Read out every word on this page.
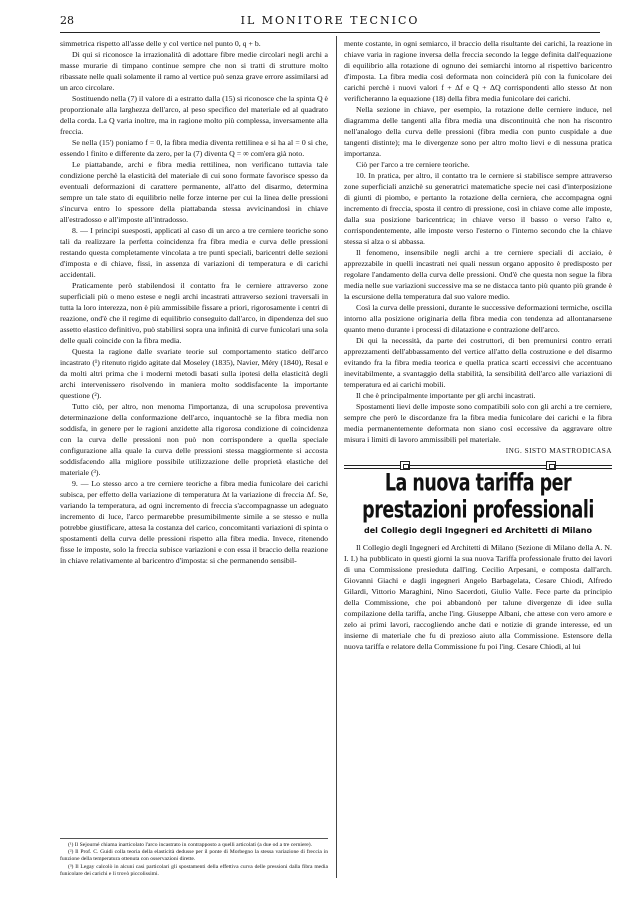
28	IL MONITORE TECNICO

simmetrica rispetto all'asse delle y col vertice nel punto 0, q + b.

Di qui si riconosce la irrazionalità di adottare fibre medie circolari negli archi a masse murarie di timpano continue sempre che non si tratti di strutture molto ribassate nelle quali solamente il ramo al vertice può senza grave errore assimilarsi ad un arco circolare.

Sostituendo nella (7) il valore di a estratto dalla (15) si riconosce che la spinta Q è proporzionale alla larghezza dell'arco, al peso specifico del materiale ed al quadrato della corda. La Q varia inoltre, ma in ragione molto più complessa, inversamente alla freccia.

Se nella (15') poniamo f = 0, la fibra media diventa rettilinea e si ha al = 0 si che, essendo l finito e differente da zero, per la (7) diventa Q = ∞ com'era già noto.

Le piattabande, archi e fibra media rettilinea, non verificano tuttavia tale condizione perchè la elasticità del materiale di cui sono formate favorisce spesso da eventuali deformazioni di carattere permanente, all'atto del disarmo, determina sempre un tale stato di equilibrio nelle forze interne per cui la linea delle pressioni s'incurva entro lo spessore della piattabanda stessa avvicinandosi in chiave all'estradosso e all'imposte all'intradosso.

8. — I principi suesposti, applicati al caso di un arco a tre cerniere teoriche sono tali da realizzare la perfetta coincidenza fra fibra media e curva delle pressioni restando questa completamente vincolata a tre punti speciali, baricentri delle sezioni d'imposta e di chiave, fissi, in assenza di variazioni di temperatura e di carichi accidentali.

Praticamente però stabilendosi il contatto fra le cerniere attraverso zone superficiali più o meno estese e negli archi incastrati attraverso sezioni traversali in tutta la loro interezza, non è più ammissibile fissare a priori, rigorosamente i centri di reazione, ond'è che il regime di equilibrio conseguito dall'arco, in dipendenza del suo assetto elastico definitivo, può stabilirsi sopra una infinità di curve funicolari una sola delle quali coincide con la fibra media.

Questa la ragione dalle svariate teorie sul comportamento statico dell'arco incastrato (¹) ritenuto rigido agitate dal Moseley (1835), Navier, Méry (1840), Resal e da molti altri prima che i moderni metodi basati sulla ipotesi della elasticità degli archi intervenissero risolvendo in maniera molto soddisfacente la importante questione (²).

Tutto ciò, per altro, non menoma l'importanza, di una scrupolosa preventiva determinazione della conformazione dell'arco, inquantochè se la fibra media non soddisfa, in genere per le ragioni anzidette alla rigorosa condizione di coincidenza con la curva delle pressioni non può non corrispondere a quella speciale configurazione alla quale la curva delle pressioni stessa maggiormente si accosta soddisfacendo alla migliore possibile utilizzazione delle proprietà elastiche del materiale (³).

9. — Lo stesso arco a tre cerniere teoriche a fibra media funicolare dei carichi subisca, per effetto della variazione di temperatura Δt la variazione di freccia Δf. Se, variando la temperatura, ad ogni incremento di freccia s'accompagnasse un adeguato incremento di luce, l'arco permarebbe presumibilmente simile a se stesso e nulla potrebbe giustificare, attesa la costanza del carico, concomitanti variazioni di spinta o spostamenti della curva delle pressioni rispetto alla fibra media. Invece, ritenendo fisse le imposte, solo la freccia subisce variazioni e con essa il braccio della reazione in chiave relativamente al baricentro d'imposta: si che permanendo sensibil-

(¹) Il Sejourné chiama inarticolato l'arco incastrato in contrapposto a quelli articolati (a due od a tre cerniere).

(²) Il Prof. C. Guidi colla teoria della elasticità dedusse per il ponte di Morbegno la stessa variazione di freccia in funzione della temperatura ottenuta con osservazioni dirette.

(³) Il Legay calcolò in alcuni casi particolari gli spostamenti della effettiva curva delle pressioni dalla fibra media funicolare dei carichi e li trovò piccolissimi.

mente costante, in ogni semiarco, il braccio della risultante dei carichi, la reazione in chiave varia in ragione inversa della freccia secondo la legge definita dall'equazione di equilibrio alla rotazione di ognuno dei semiarchi intorno al rispettivo baricentro d'imposta. La fibra media così deformata non coinciderà più con la funicolare dei carichi perchè i nuovi valori f + Δf e Q + ΔQ corrispondenti allo stesso Δt non verificheranno la equazione (18) della fibra media funicolare dei carichi.

Nella sezione in chiave, per esempio, la rotazione delle cerniere induce, nel diagramma delle tangenti alla fibra media una discontinuità che non ha riscontro nell'analogo della curva delle pressioni (fibra media con punto cuspidale a due tangenti distinte); ma le divergenze sono per altro molto lievi e di nessuna pratica importanza.

Ciò per l'arco a tre cerniere teoriche.

10. In pratica, per altro, il contatto tra le cerniere si stabilisce sempre attraverso zone superficiali anzichè su generatrici matematiche specie nei casi d'interposizione di giunti di piombo, e pertanto la rotazione della cerniera, che accompagna ogni incremento di freccia, sposta il centro di pressione, così in chiave come alle imposte, dalla sua posizione baricentrica; in chiave verso il basso o verso l'alto e, corrispondentemente, alle imposte verso l'esterno o l'interno secondo che la chiave stessa si alza o si abbassa.

Il fenomeno, insensibile negli archi a tre cerniere speciali di acciaio, è apprezzabile in quelli incastrati nei quali nessun organo apposito è predisposto per regolare l'andamento della curva delle pressioni. Ond'è che questa non segue la fibra media nelle sue variazioni successive ma se ne distacca tanto più quanto più grande è la escursione della temperatura dal suo valore medio.

Così la curva delle pressioni, durante le successive deformazioni termiche, oscilla intorno alla posizione originaria della fibra media con tendenza ad allontanarsene quanto meno durante i processi di dilatazione e contrazione dell'arco.

Di qui la necessità, da parte dei costruttori, di ben premunirsi contro errati apprezzamenti dell'abbassamento del vertice all'atto della costruzione e del disarmo evitando fra la fibra media teorica e quella pratica scarti eccessivi che accentuano inevitabilmente, a svantaggio della stabilità, la sensibilità dell'arco alle variazioni di temperatura ed ai carichi mobili.

Il che è principalmente importante per gli archi incastrati.

Spostamenti lievi delle imposte sono compatibili solo con gli archi a tre cerniere, sempre che però le discordanze fra la fibra media funicolare dei carichi e la fibra media permanentemente deformata non siano così eccessive da aggravare oltre misura i limiti di lavoro ammissibili pel materiale.

ING. SISTO MASTRODICASA
La nuova tariffa per prestazioni professionali
del Collegio degli Ingegneri ed Architetti di Milano

Il Collegio degli Ingegneri ed Architetti di Milano (Sezione di Milano della A. N. I. I.) ha pubblicato in questi giorni la sua nuova Tariffa professionale frutto dei lavori di una Commissione presieduta dall'ing. Cecilio Arpesani, e composta dall'arch. Giovanni Giachi e dagli ingegneri Angelo Barbagelata, Cesare Chiodi, Alfredo Gilardi, Vittorio Maraghini, Nino Sacerdoti, Giulio Valle. Fece parte da principio della Commissione, che poi abbandonò per talune divergenze di idee sulla compilazione della tariffa, anche l'ing. Giuseppe Albani, che attese con vero amore e zelo ai primi lavori, raccogliendo anche dati e notizie di grande interesse, ed un insieme di materiale che fu di prezioso aiuto alla Commissione. Estensore della nuova tariffa e relatore della Commissione fu poi l'ing. Cesare Chiodi, al lui
